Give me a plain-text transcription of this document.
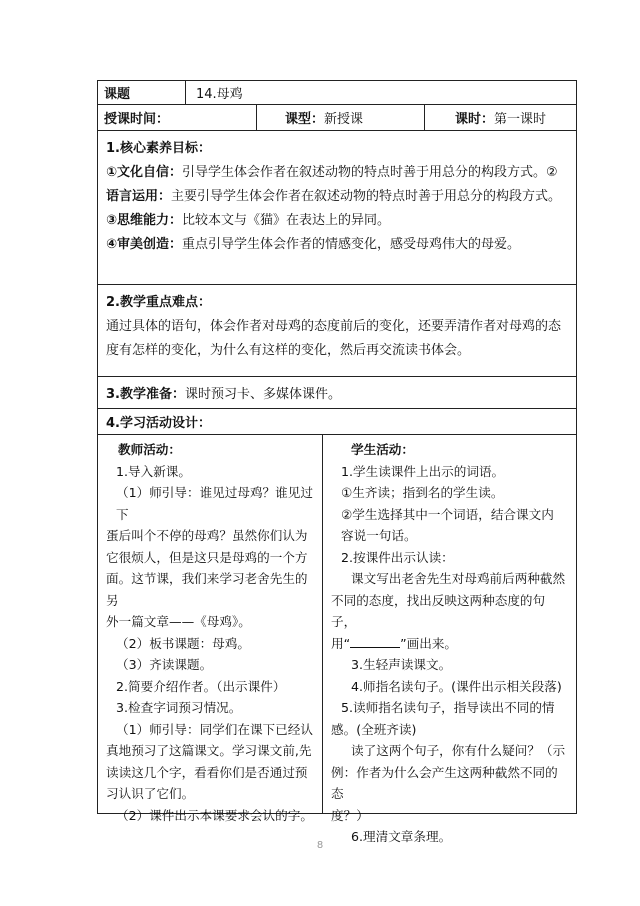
课题	14.母鸡
授课时间：	课型： 新授课	课时： 第一课时

1.核心素养目标：

①文化自信：引导学生体会作者在叙述动物的特点时善于用总分的构段方式。②

语言运用：主要引导学生体会作者在叙述动物的特点时善于用总分的构段方式。

③思维能力：比较本文与《猫》在表达上的异同。

④审美创造：重点引导学生体会作者的情感变化，感受母鸡伟大的母爱。

2.教学重点难点：

通过具体的语句，体会作者对母鸡的态度前后的变化，还要弄清作者对母鸡的态

度有怎样的变化，为什么有这样的变化，然后再交流读书体会。

3.教学准备： 课时预习卡、多媒体课件。
4.学习活动设计：

教师活动：

1.导入新课。

（1）师引导：谁见过母鸡？谁见过下

蛋后叫个不停的母鸡？虽然你们认为

它很烦人，但是这只是母鸡的一个方

面。这节课，我们来学习老舍先生的另

外一篇文章——《母鸡》。

（2）板书课题：母鸡。

（3）齐读课题。

2.简要介绍作者。（出示课件）

3.检查字词预习情况。

（1）师引导：同学们在课下已经认

真地预习了这篇课文。学习课文前,先

读读这几个字，看看你们是否通过预

习认识了它们。

（2）课件出示本课要求会认的字。

学生活动：

1.学生读课件上出示的词语。

①生齐读；指到名的学生读。

②学生选择其中一个词语，结合课文内

容说一句话。

2.按课件出示认读：

课文写出老舍先生对母鸡前后两种截然

不同的态度，找出反映这两种态度的句子，

用“	”画出来。

3.生轻声读课文。

4.师指名读句子。(课件出示相关段落)

5.读师指名读句子，指导读出不同的情

感。(全班齐读)

读了这两个句子，你有什么疑问？（示

例：作者为什么会产生这两种截然不同的态

度？）

6.理清文章条理。

8
